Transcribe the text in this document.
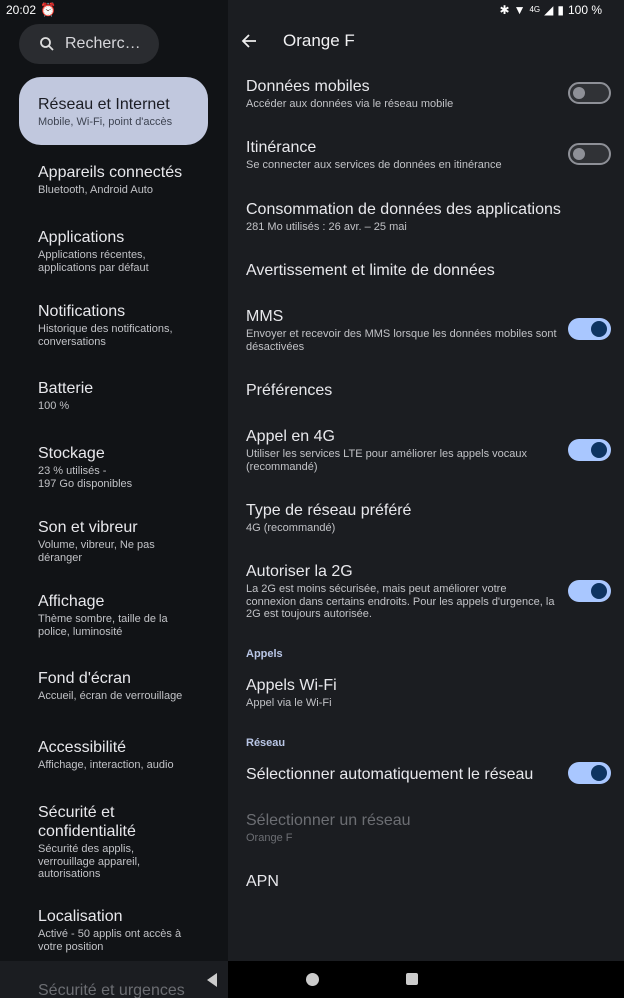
20:02 ⏰
Recherc…
Réseau et Internet
Mobile, Wi-Fi, point d'accès
Appareils connectés
Bluetooth, Android Auto
Applications
Applications récentes,
applications par défaut
Notifications
Historique des notifications,
conversations
Batterie
100 %
Stockage
23 % utilisés -
197 Go disponibles
Son et vibreur
Volume, vibreur, Ne pas
déranger
Affichage
Thème sombre, taille de la
police, luminosité
Fond d'écran
Accueil, écran de verrouillage
Accessibilité
Affichage, interaction, audio
Sécurité et confidentialité
Sécurité des applis,
verrouillage appareil,
autorisations
Localisation
Activé - 50 applis ont accès à
votre position
Sécurité et urgences
✱ ▼ 4G ◢ ▮ 100 %
Orange F
Données mobiles
Accéder aux données via le réseau mobile
Itinérance
Se connecter aux services de données en itinérance
Consommation de données des applications
281 Mo utilisés : 26 avr. – 25 mai
Avertissement et limite de données
MMS
Envoyer et recevoir des MMS lorsque les données mobiles sont désactivées
Préférences
Appel en 4G
Utiliser les services LTE pour améliorer les appels vocaux (recommandé)
Type de réseau préféré
4G (recommandé)
Autoriser la 2G
La 2G est moins sécurisée, mais peut améliorer votre connexion dans certains endroits. Pour les appels d'urgence, la 2G est toujours autorisée.
Appels
Appels Wi-Fi
Appel via le Wi-Fi
Réseau
Sélectionner automatiquement le réseau
Sélectionner un réseau
Orange F
APN
